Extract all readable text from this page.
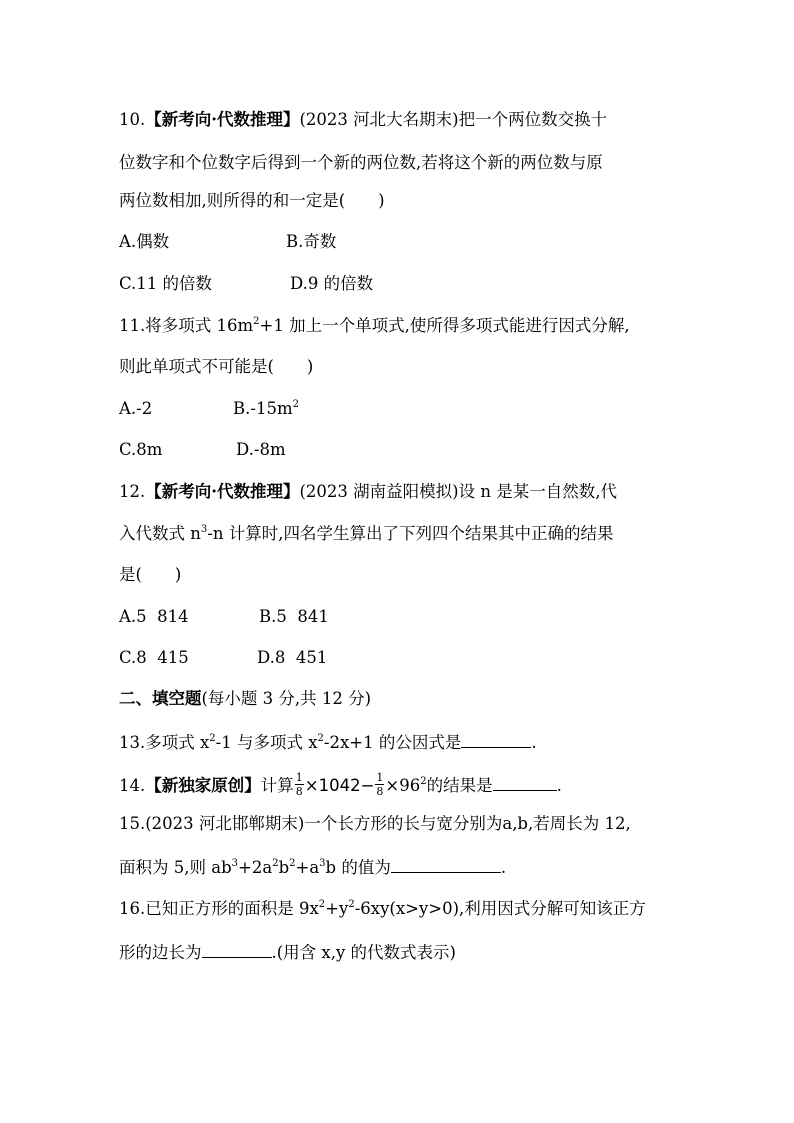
10.【新考向·代数推理】(2023 河北大名期末)把一个两位数交换十
位数字和个位数字后得到一个新的两位数,若将这个新的两位数与原
两位数相加,则所得的和一定是(　　)
A.偶数	B.奇数
C.11 的倍数	D.9 的倍数
11.将多项式 $16m^2+1$ 加上一个单项式,使所得多项式能进行因式分解,
则此单项式不可能是(　　)
A.-2	$B.-15m^2$
C.8m	D.-8m
12.【新考向·代数推理】(2023 湖南益阳模拟)设 n 是某一自然数,代
入代数式 $n^3-n$ 计算时,四名学生算出了下列四个结果其中正确的结果
是(　　)
A.5  814	B.5  841
C.8  415	D.8  451
二、填空题(每小题 3 分,共 12 分)
13.多项式 $x^2-1$ 与多项式 $x^2-2x+1$ 的公因式是	.
14.【新独家原创】计算 $\frac{1}{8} \times 1042- \frac{1}{8} \times 96^2$的结果是	.
15.(2023 河北邯郸期末)一个长方形的长与宽分别为a,b,若周长为 12,
面积为 5,则 $ab^3+2a^2b^2+a^3b$ 的值为	.
16.已知正方形的面积是 $9x^2+y^2-6xy(x>y>0)$,利用因式分解可知该正方
形的边长为	.(用含 x,y 的代数式表示)
